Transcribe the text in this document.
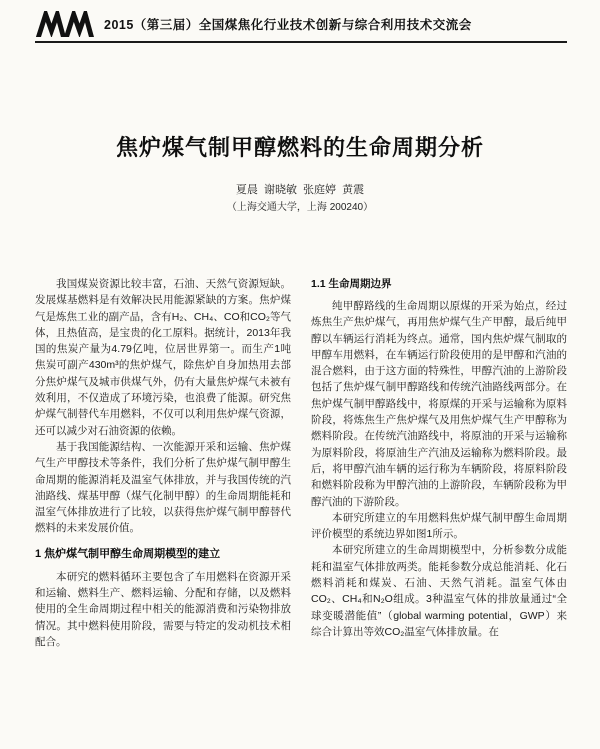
2015（第三届）全国煤焦化行业技术创新与综合利用技术交流会
焦炉煤气制甲醇燃料的生命周期分析
夏晨  谢晓敏  张庭婷  黄震
（上海交通大学，上海 200240）

我国煤炭资源比较丰富，石油、天然气资源短缺。发展煤基燃料是有效解决民用能源紧缺的方案。焦炉煤气是炼焦工业的副产品，含有H₂、CH₄、CO和CO₂等气体，且热值高，是宝贵的化工原料。据统计，2013年我国的焦炭产量为4.79亿吨，位居世界第一。而生产1吨焦炭可副产430m³的焦炉煤气，除焦炉自身加热用去部分焦炉煤气及城市供煤气外，仍有大量焦炉煤气未被有效利用，不仅造成了环境污染，也浪费了能源。研究焦炉煤气制替代车用燃料，不仅可以利用焦炉煤气资源，还可以减少对石油资源的依赖。

基于我国能源结构、一次能源开采和运输、焦炉煤气生产甲醇技术等条件，我们分析了焦炉煤气制甲醇生命周期的能源消耗及温室气体排放，并与我国传统的汽油路线、煤基甲醇（煤气化制甲醇）的生命周期能耗和温室气体排放进行了比较，以获得焦炉煤气制甲醇替代燃料的未来发展价值。

1 焦炉煤气制甲醇生命周期模型的建立

本研究的燃料循环主要包含了车用燃料在资源开采和运输、燃料生产、燃料运输、分配和存储，以及燃料使用的全生命周期过程中相关的能源消费和污染物排放情况。其中燃料使用阶段，需要与特定的发动机技术相配合。

1.1 生命周期边界

纯甲醇路线的生命周期以原煤的开采为始点，经过炼焦生产焦炉煤气，再用焦炉煤气生产甲醇，最后纯甲醇以车辆运行消耗为终点。通常，国内焦炉煤气制取的甲醇车用燃料，在车辆运行阶段使用的是甲醇和汽油的混合燃料，由于这方面的特殊性，甲醇汽油的上游阶段包括了焦炉煤气制甲醇路线和传统汽油路线两部分。在焦炉煤气制甲醇路线中，将原煤的开采与运输称为原料阶段，将炼焦生产焦炉煤气及用焦炉煤气生产甲醇称为燃料阶段。在传统汽油路线中，将原油的开采与运输称为原料阶段，将原油生产汽油及运输称为燃料阶段。最后，将甲醇汽油车辆的运行称为车辆阶段，将原料阶段和燃料阶段称为甲醇汽油的上游阶段，车辆阶段称为甲醇汽油的下游阶段。

本研究所建立的车用燃料焦炉煤气制甲醇生命周期评价模型的系统边界如图1所示。

本研究所建立的生命周期模型中，分析参数分成能耗和温室气体排放两类。能耗参数分成总能消耗、化石燃料消耗和煤炭、石油、天然气消耗。温室气体由CO₂、CH₄和N₂O组成。3种温室气体的排放量通过“全球变暖潜能值”（global warming potential，GWP）来综合计算出等效CO₂温室气体排放量。在
